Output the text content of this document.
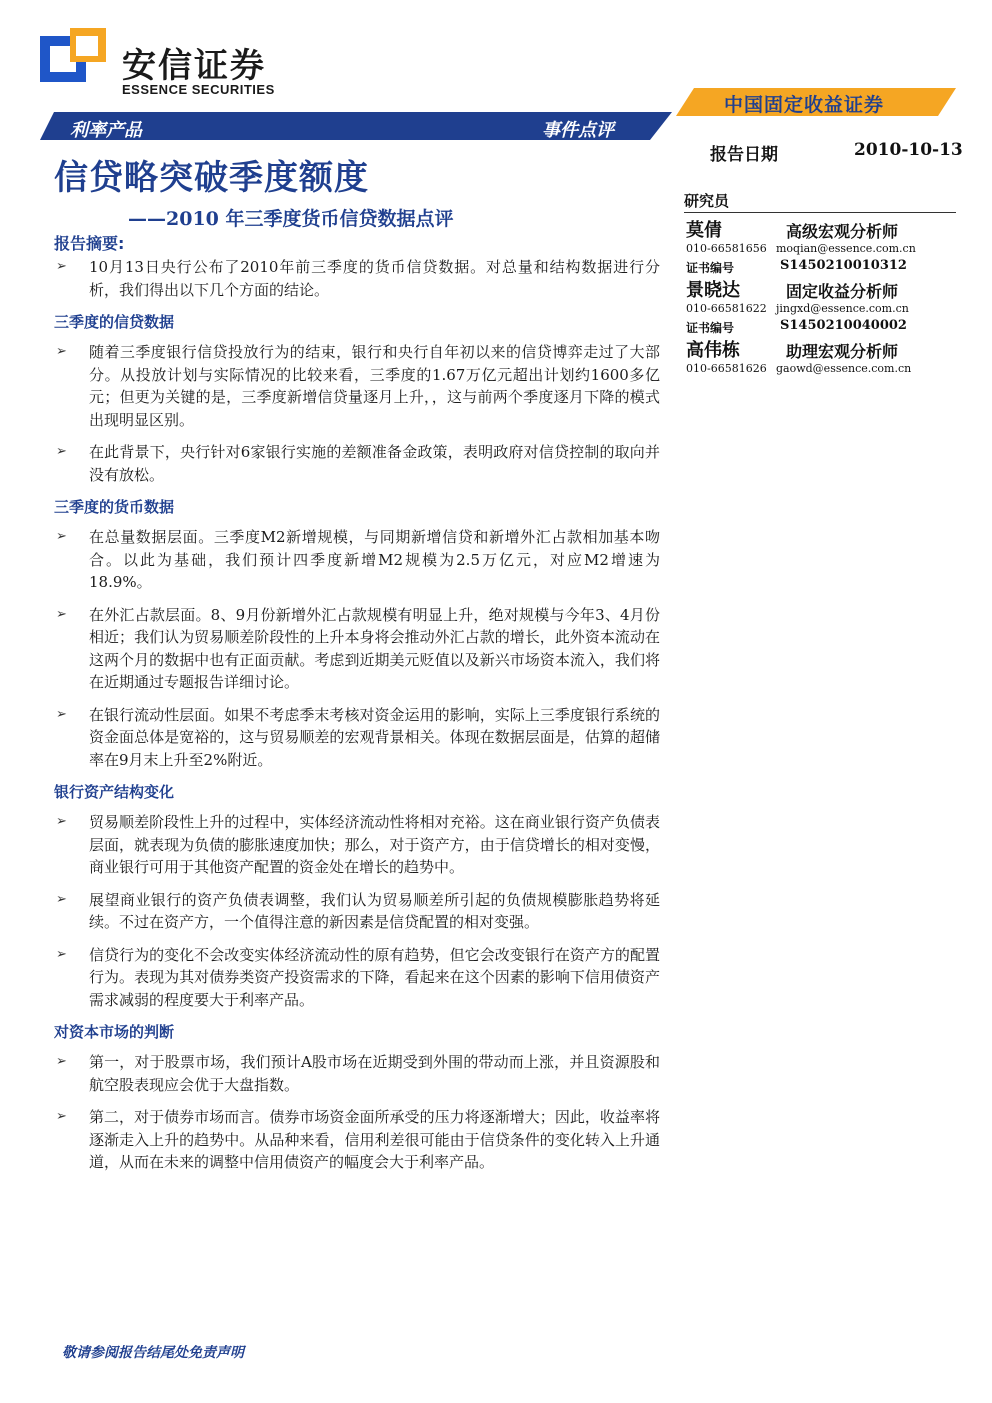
安信证券
ESSENCE SECURITIES
中国固定收益证券
利率产品	事件点评
报告日期	2010-10-13
信贷略突破季度额度
——2010 年三季度货币信贷数据点评
报告摘要:
➢ 10月13日央行公布了2010年前三季度的货币信贷数据。对总量和结构数据进行分析，我们得出以下几个方面的结论。
三季度的信贷数据
➢ 随着三季度银行信贷投放行为的结束，银行和央行自年初以来的信贷博弈走过了大部分。从投放计划与实际情况的比较来看，三季度的1.67万亿元超出计划约1600多亿元；但更为关键的是，三季度新增信贷量逐月上升，，这与前两个季度逐月下降的模式出现明显区别。
➢ 在此背景下，央行针对6家银行实施的差额准备金政策，表明政府对信贷控制的取向并没有放松。
三季度的货币数据
➢ 在总量数据层面。三季度M2新增规模，与同期新增信贷和新增外汇占款相加基本吻合。以此为基础，我们预计四季度新增M2规模为2.5万亿元，对应M2增速为18.9%。
➢ 在外汇占款层面。8、9月份新增外汇占款规模有明显上升，绝对规模与今年3、4月份相近；我们认为贸易顺差阶段性的上升本身将会推动外汇占款的增长，此外资本流动在这两个月的数据中也有正面贡献。考虑到近期美元贬值以及新兴市场资本流入，我们将在近期通过专题报告详细讨论。
➢ 在银行流动性层面。如果不考虑季末考核对资金运用的影响，实际上三季度银行系统的资金面总体是宽裕的，这与贸易顺差的宏观背景相关。体现在数据层面是，估算的超储率在9月末上升至2%附近。
银行资产结构变化
➢ 贸易顺差阶段性上升的过程中，实体经济流动性将相对充裕。这在商业银行资产负债表层面，就表现为负债的膨胀速度加快；那么，对于资产方，由于信贷增长的相对变慢，商业银行可用于其他资产配置的资金处在增长的趋势中。
➢ 展望商业银行的资产负债表调整，我们认为贸易顺差所引起的负债规模膨胀趋势将延续。不过在资产方，一个值得注意的新因素是信贷配置的相对变强。
➢ 信贷行为的变化不会改变实体经济流动性的原有趋势，但它会改变银行在资产方的配置行为。表现为其对债券类资产投资需求的下降，看起来在这个因素的影响下信用债资产需求减弱的程度要大于利率产品。
对资本市场的判断
➢ 第一，对于股票市场，我们预计A股市场在近期受到外围的带动而上涨，并且资源股和航空股表现应会优于大盘指数。
➢ 第二，对于债券市场而言。债券市场资金面所承受的压力将逐渐增大；因此，收益率将逐渐走入上升的趋势中。从品种来看，信用利差很可能由于信贷条件的变化转入上升通道，从而在未来的调整中信用债资产的幅度会大于利率产品。
研究员
莫倩	高级宏观分析师
010-66581656 moqian@essence.com.cn
证书编号	S1450210010312
景晓达	固定收益分析师
010-66581622 jingxd@essence.com.cn
证书编号	S1450210040002
高伟栋	助理宏观分析师
010-66581626 gaowd@essence.com.cn
敬请参阅报告结尾处免责声明
